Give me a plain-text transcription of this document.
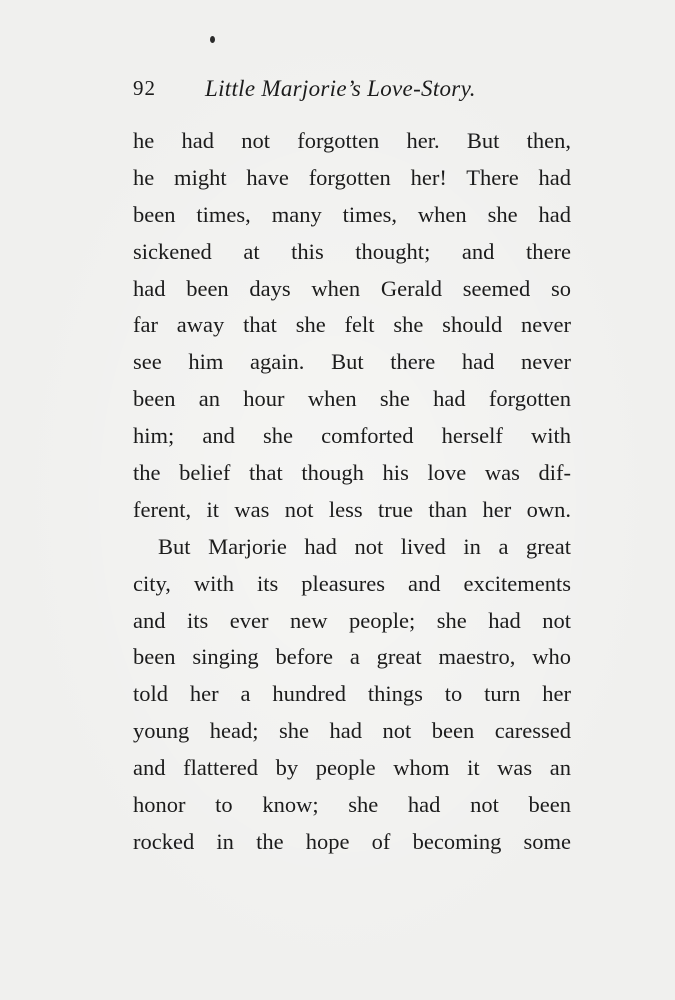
92 Little Marjorie’s Love-Story.
he had not forgotten her. But then,
he might have forgotten her! There had
been times, many times, when she had
sickened at this thought; and there
had been days when Gerald seemed so
far away that she felt she should never
see him again. But there had never
been an hour when she had forgotten
him; and she comforted herself with
the belief that though his love was dif-
ferent, it was not less true than her own.
But Marjorie had not lived in a great
city, with its pleasures and excitements
and its ever new people; she had not
been singing before a great maestro, who
told her a hundred things to turn her
young head; she had not been caressed
and flattered by people whom it was an
honor to know; she had not been
rocked in the hope of becoming some
